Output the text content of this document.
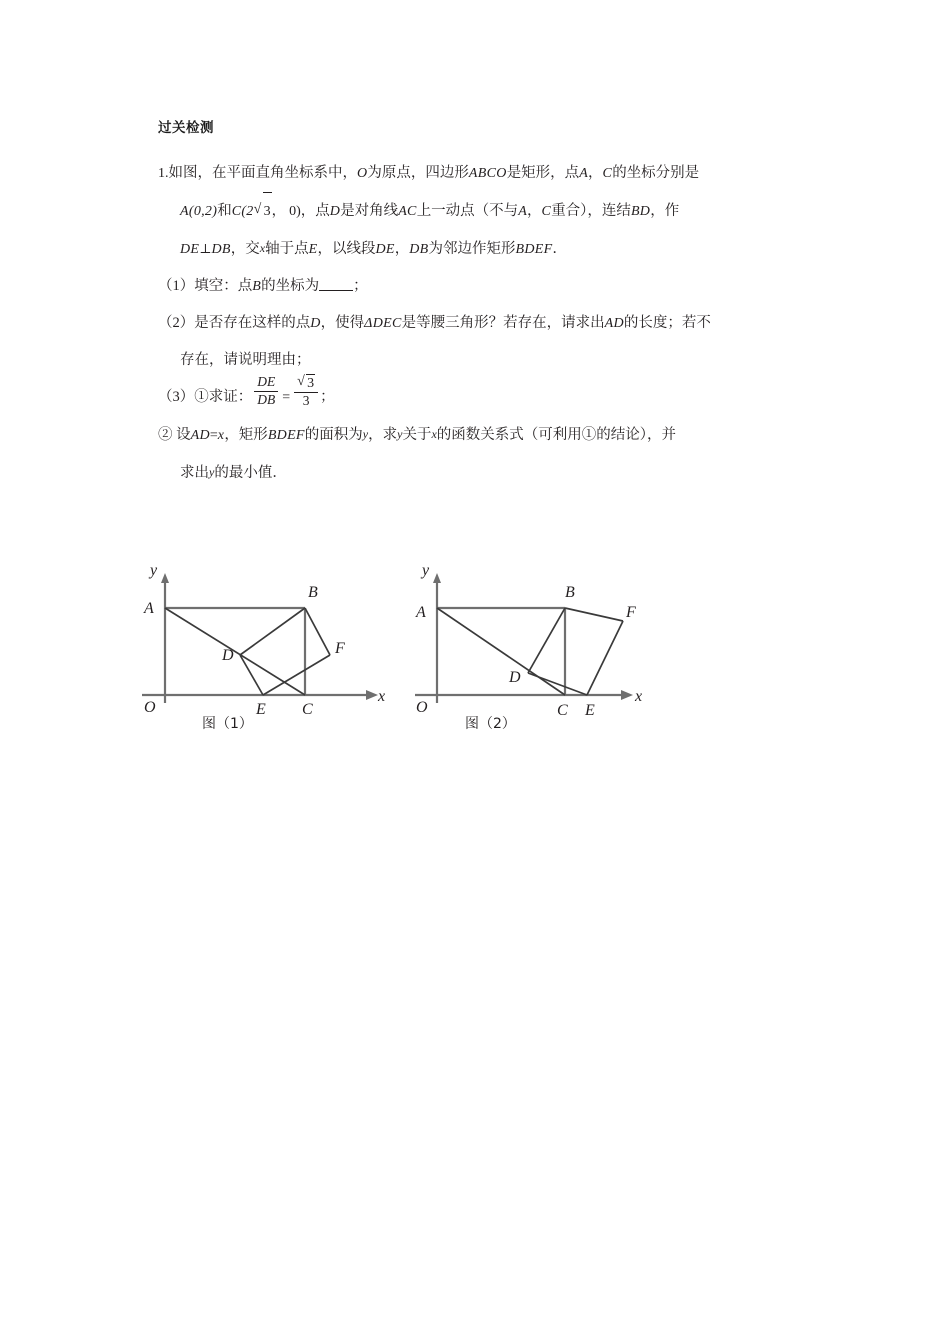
过关检测

1.如图，在平面直角坐标系中，O为原点，四边形ABCO是矩形，点A，C的坐标分别是

A(0,2)和C(2 √ 3， 0)，点D是对角线AC上一动点（不与A，C重合），连结BD，作

DE⊥DB，交x轴于点E，以线段DE，DB为邻边作矩形BDEF．

（1）填空：点B的坐标为 ；

（2）是否存在这样的点D，使得ΔDEC是等腰三角形？若存在，请求出AD的长度；若不

存在，请说明理由；

（3）①求证： $\frac{DE}{DB}$ = √ $\frac{3}{3}$ ；

② 设AD=x，矩形BDEF的面积为y，求y关于x的函数关系式（可利用①的结论），并

求出y的最小值．

A
B
C
D
E
F
O
y
x
图（1）
A
B
C
D
E
F
O
y
x
图（2）
